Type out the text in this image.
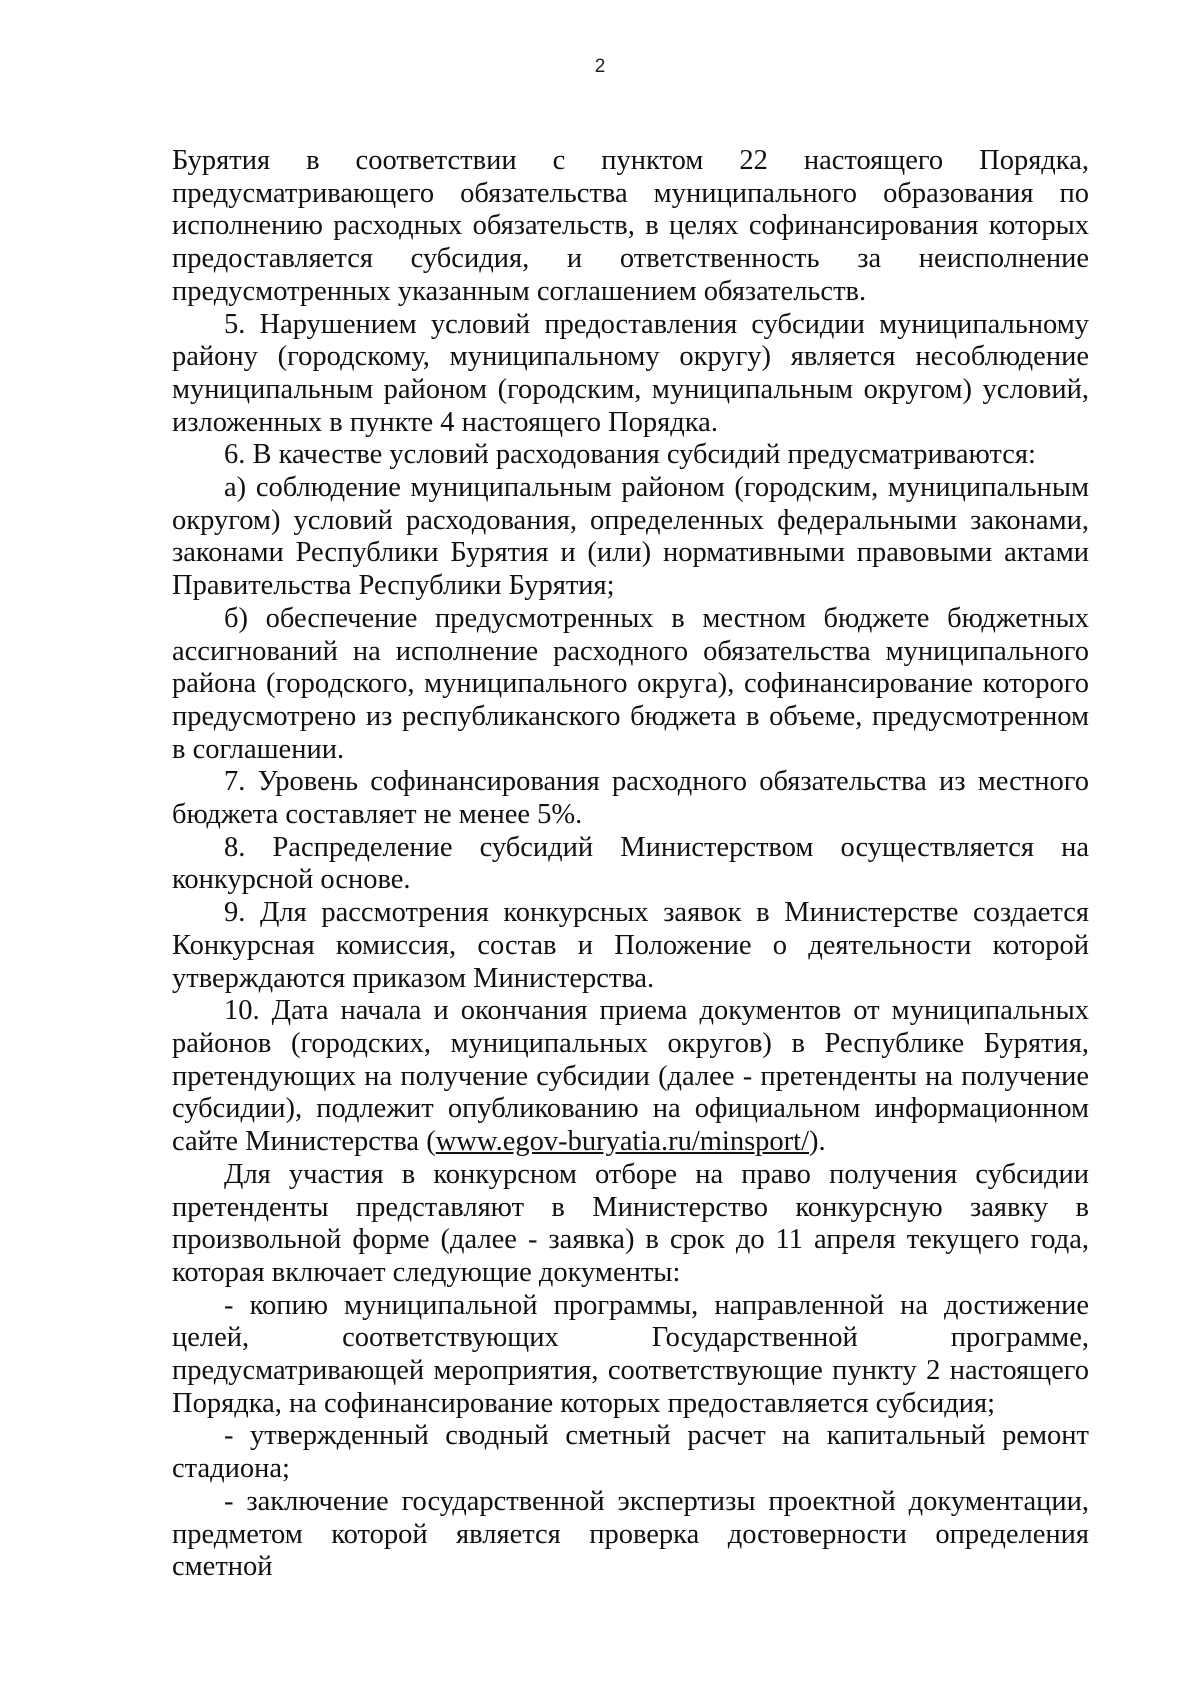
2

Бурятия в соответствии с пунктом 22 настоящего Порядка, предусматривающего обязательства муниципального образования по исполнению расходных обязательств, в целях софинансирования которых предоставляется субсидия, и ответственность за неисполнение предусмотренных указанным соглашением обязательств.

5. Нарушением условий предоставления субсидии муниципальному району (городскому, муниципальному округу) является несоблюдение муниципальным районом (городским, муниципальным округом) условий, изложенных в пункте 4 настоящего Порядка.

6. В качестве условий расходования субсидий предусматриваются:

а) соблюдение муниципальным районом (городским, муниципальным округом) условий расходования, определенных федеральными законами, законами Республики Бурятия и (или) нормативными правовыми актами Правительства Республики Бурятия;

б) обеспечение предусмотренных в местном бюджете бюджетных ассигнований на исполнение расходного обязательства муниципального района (городского, муниципального округа), софинансирование которого предусмотрено из республиканского бюджета в объеме, предусмотренном в соглашении.

7. Уровень софинансирования расходного обязательства из местного бюджета составляет не менее 5%.

8. Распределение субсидий Министерством осуществляется на конкурсной основе.

9. Для рассмотрения конкурсных заявок в Министерстве создается Конкурсная комиссия, состав и Положение о деятельности которой утверждаются приказом Министерства.

10. Дата начала и окончания приема документов от муниципальных районов (городских, муниципальных округов) в Республике Бурятия, претендующих на получение субсидии (далее - претенденты на получение субсидии), подлежит опубликованию на официальном информационном сайте Министерства (www.egov-buryatia.ru/minsport/).

Для участия в конкурсном отборе на право получения субсидии претенденты представляют в Министерство конкурсную заявку в произвольной форме (далее - заявка) в срок до 11 апреля текущего года, которая включает следующие документы:

- копию муниципальной программы, направленной на достижение целей, соответствующих Государственной программе, предусматривающей мероприятия, соответствующие пункту 2 настоящего Порядка, на софинансирование которых предоставляется субсидия;

- утвержденный сводный сметный расчет на капитальный ремонт стадиона;

- заключение государственной экспертизы проектной документации, предметом которой является проверка достоверности определения сметной
